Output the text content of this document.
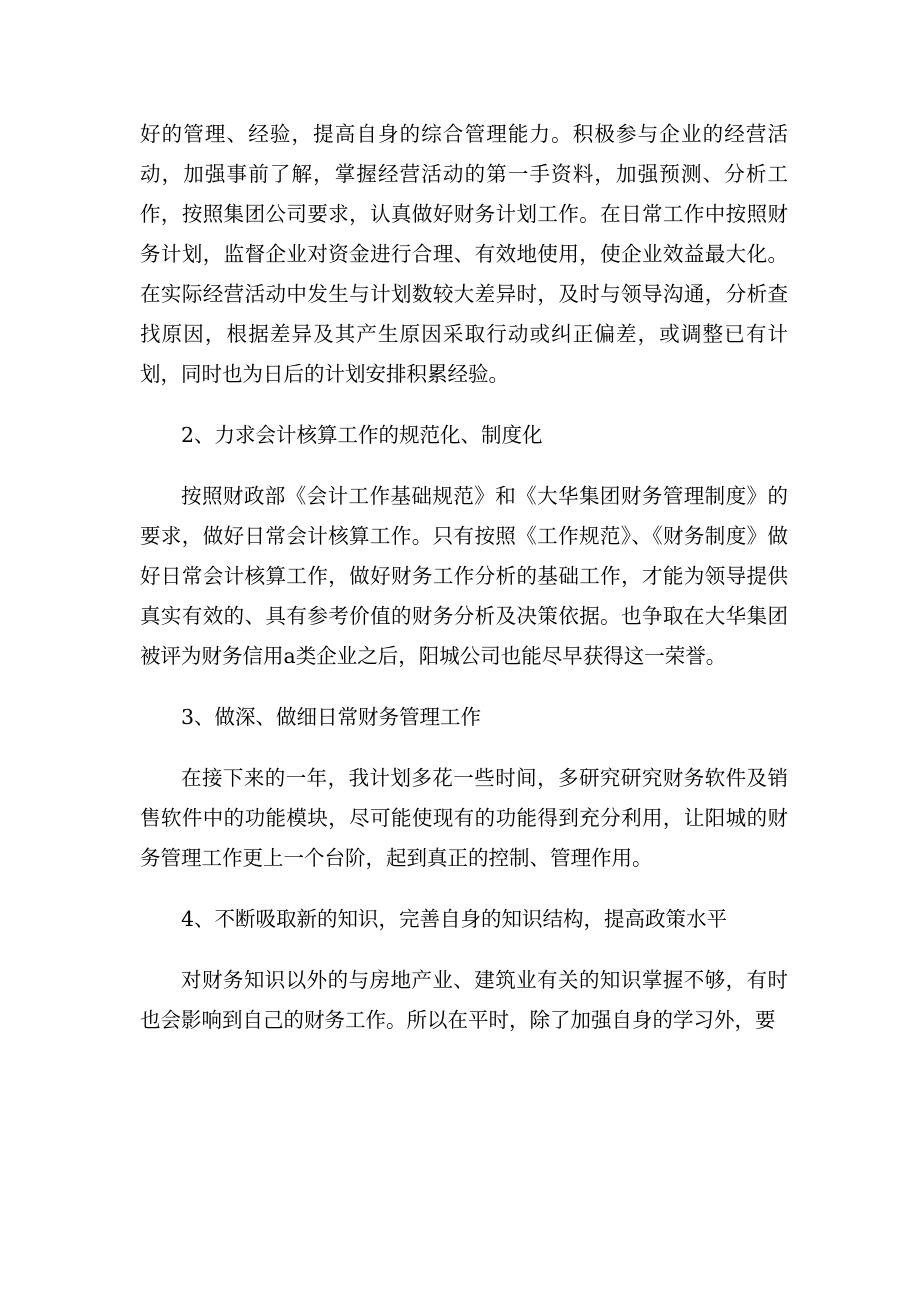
好的管理、经验，提高自身的综合管理能力。积极参与企业的经营活动，加强事前了解，掌握经营活动的第一手资料，加强预测、分析工作，按照集团公司要求，认真做好财务计划工作。在日常工作中按照财务计划，监督企业对资金进行合理、有效地使用，使企业效益最大化。在实际经营活动中发生与计划数较大差异时，及时与领导沟通，分析查找原因，根据差异及其产生原因采取行动或纠正偏差，或调整已有计划，同时也为日后的计划安排积累经验。

2、力求会计核算工作的规范化、制度化

按照财政部《会计工作基础规范》和《大华集团财务管理制度》的要求，做好日常会计核算工作。只有按照《工作规范》、《财务制度》做好日常会计核算工作，做好财务工作分析的基础工作，才能为领导提供真实有效的、具有参考价值的财务分析及决策依据。也争取在大华集团被评为财务信用a类企业之后，阳城公司也能尽早获得这一荣誉。

3、做深、做细日常财务管理工作

在接下来的一年，我计划多花一些时间，多研究研究财务软件及销售软件中的功能模块，尽可能使现有的功能得到充分利用，让阳城的财务管理工作更上一个台阶，起到真正的控制、管理作用。

4、不断吸取新的知识，完善自身的知识结构，提高政策水平

对财务知识以外的与房地产业、建筑业有关的知识掌握不够，有时也会影响到自己的财务工作。所以在平时，除了加强自身的学习外，要
